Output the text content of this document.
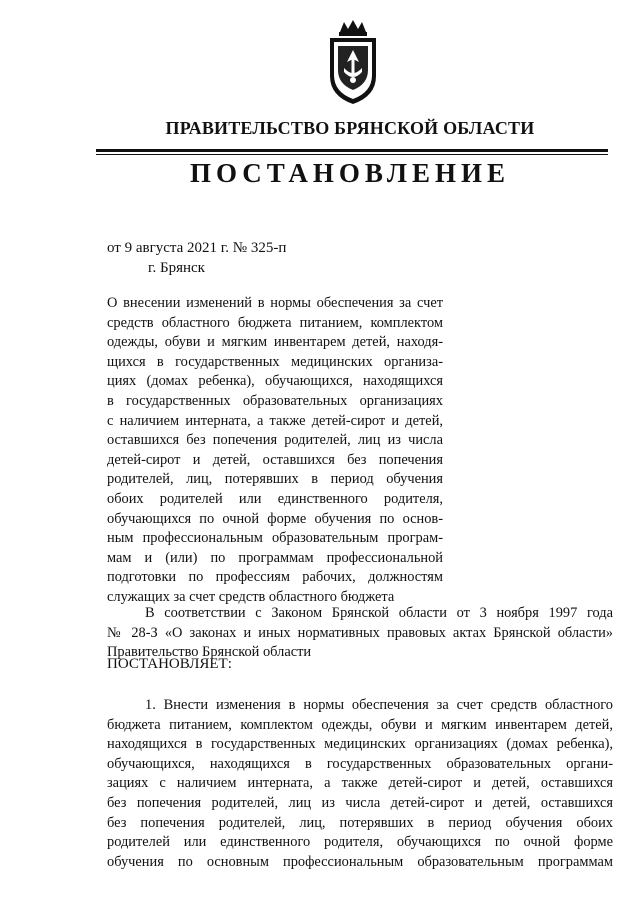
ПРАВИТЕЛЬСТВО БРЯНСКОЙ ОБЛАСТИ
ПОСТАНОВЛЕНИЕ
от 9 августа 2021 г. № 325-п
г. Брянск
О внесении изменений в нормы обеспечения за счет
средств областного бюджета питанием, комплектом
одежды, обуви и мягким инвентарем детей, находя-
щихся в государственных медицинских организа-
циях (домах ребенка), обучающихся, находящихся
в государственных образовательных организациях
с наличием интерната, а также детей-сирот и детей,
оставшихся без попечения родителей, лиц из числа
детей-сирот и детей, оставшихся без попечения
родителей, лиц, потерявших в период обучения
обоих родителей или единственного родителя,
обучающихся по очной форме обучения по основ-
ным профессиональным образовательным програм-
мам и (или) по программам профессиональной
подготовки по профессиям рабочих, должностям
служащих за счет средств областного бюджета
В соответствии с Законом Брянской области от 3 ноября 1997 года
№ 28-З «О законах и иных нормативных правовых актах Брянской области»
Правительство Брянской области
ПОСТАНОВЛЯЕТ:
1. Внести изменения в нормы обеспечения за счет средств областного
бюджета питанием, комплектом одежды, обуви и мягким инвентарем детей,
находящихся в государственных медицинских организациях (домах ребенка),
обучающихся, находящихся в государственных образовательных органи-
зациях с наличием интерната, а также детей-сирот и детей, оставшихся
без попечения родителей, лиц из числа детей-сирот и детей, оставшихся
без попечения родителей, лиц, потерявших в период обучения обоих
родителей или единственного родителя, обучающихся по очной форме
обучения по основным профессиональным образовательным программам
